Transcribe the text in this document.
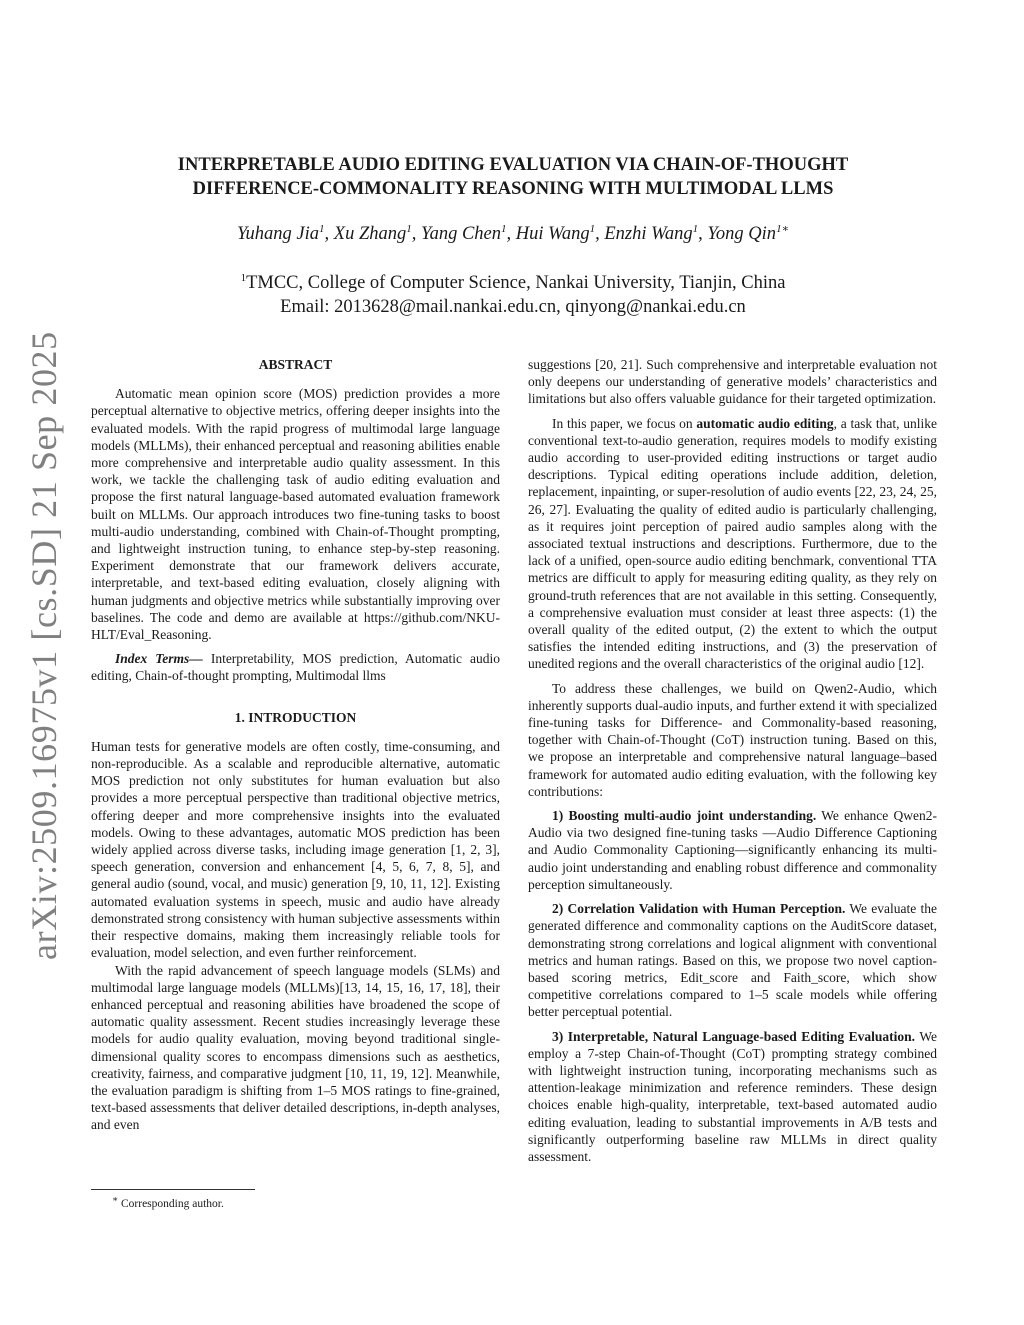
arXiv:2509.16975v1 [cs.SD] 21 Sep 2025
INTERPRETABLE AUDIO EDITING EVALUATION VIA CHAIN-OF-THOUGHT
DIFFERENCE-COMMONALITY REASONING WITH MULTIMODAL LLMS
Yuhang Jia$^1$, Xu Zhang$^1$, Yang Chen$^1$, Hui Wang$^1$, Enzhi Wang$^1$, Yong Qin$^{1∗}$
$^1$TMCC, College of Computer Science, Nankai University, Tianjin, China
Email: 2013628@mail.nankai.edu.cn, qinyong@nankai.edu.cn
ABSTRACT

Automatic mean opinion score (MOS) prediction provides a more perceptual alternative to objective metrics, offering deeper insights into the evaluated models. With the rapid progress of multimodal large language models (MLLMs), their enhanced perceptual and reasoning abilities enable more comprehensive and interpretable audio quality assessment. In this work, we tackle the challenging task of audio editing evaluation and propose the first natural language-based automated evaluation framework built on MLLMs. Our approach introduces two fine-tuning tasks to boost multi-audio understanding, combined with Chain-of-Thought prompting, and lightweight instruction tuning, to enhance step-by-step reasoning. Experiment demonstrate that our framework delivers accurate, interpretable, and text-based editing evaluation, closely aligning with human judgments and objective metrics while substantially improving over baselines. The code and demo are available at https://github.com/NKU-HLT/Eval_Reasoning.

Index Terms— Interpretability, MOS prediction, Automatic audio editing, Chain-of-thought prompting, Multimodal llms

1. INTRODUCTION

Human tests for generative models are often costly, time-consuming, and non-reproducible. As a scalable and reproducible alternative, automatic MOS prediction not only substitutes for human evaluation but also provides a more perceptual perspective than traditional objective metrics, offering deeper and more comprehensive insights into the evaluated models. Owing to these advantages, automatic MOS prediction has been widely applied across diverse tasks, including image generation [1, 2, 3], speech generation, conversion and enhancement [4, 5, 6, 7, 8, 5], and general audio (sound, vocal, and music) generation [9, 10, 11, 12]. Existing automated evaluation systems in speech, music and audio have already demonstrated strong consistency with human subjective assessments within their respective domains, making them increasingly reliable tools for evaluation, model selection, and even further reinforcement.

With the rapid advancement of speech language models (SLMs) and multimodal large language models (MLLMs)[13, 14, 15, 16, 17, 18], their enhanced perceptual and reasoning abilities have broadened the scope of automatic quality assessment. Recent studies increasingly leverage these models for audio quality evaluation, moving beyond traditional single-dimensional quality scores to encompass dimensions such as aesthetics, creativity, fairness, and comparative judgment [10, 11, 19, 12]. Meanwhile, the evaluation paradigm is shifting from 1–5 MOS ratings to fine-grained, text-based assessments that deliver detailed descriptions, in-depth analyses, and even

∗ Corresponding author.

suggestions [20, 21]. Such comprehensive and interpretable evaluation not only deepens our understanding of generative models’ characteristics and limitations but also offers valuable guidance for their targeted optimization.

In this paper, we focus on automatic audio editing, a task that, unlike conventional text-to-audio generation, requires models to modify existing audio according to user-provided editing instructions or target audio descriptions. Typical editing operations include addition, deletion, replacement, inpainting, or super-resolution of audio events [22, 23, 24, 25, 26, 27]. Evaluating the quality of edited audio is particularly challenging, as it requires joint perception of paired audio samples along with the associated textual instructions and descriptions. Furthermore, due to the lack of a unified, open-source audio editing benchmark, conventional TTA metrics are difficult to apply for measuring editing quality, as they rely on ground-truth references that are not available in this setting. Consequently, a comprehensive evaluation must consider at least three aspects: (1) the overall quality of the edited output, (2) the extent to which the output satisfies the intended editing instructions, and (3) the preservation of unedited regions and the overall characteristics of the original audio [12].

To address these challenges, we build on Qwen2-Audio, which inherently supports dual-audio inputs, and further extend it with specialized fine-tuning tasks for Difference- and Commonality-based reasoning, together with Chain-of-Thought (CoT) instruction tuning. Based on this, we propose an interpretable and comprehensive natural language–based framework for automated audio editing evaluation, with the following key contributions:

1) Boosting multi-audio joint understanding. We enhance Qwen2-Audio via two designed fine-tuning tasks —Audio Difference Captioning and Audio Commonality Captioning—significantly enhancing its multi-audio joint understanding and enabling robust difference and commonality perception simultaneously.

2) Correlation Validation with Human Perception. We evaluate the generated difference and commonality captions on the AuditScore dataset, demonstrating strong correlations and logical alignment with conventional metrics and human ratings. Based on this, we propose two novel caption-based scoring metrics, Edit_score and Faith_score, which show competitive correlations compared to 1–5 scale models while offering better perceptual potential.

3) Interpretable, Natural Language-based Editing Evaluation. We employ a 7-step Chain-of-Thought (CoT) prompting strategy combined with lightweight instruction tuning, incorporating mechanisms such as attention-leakage minimization and reference reminders. These design choices enable high-quality, interpretable, text-based automated audio editing evaluation, leading to substantial improvements in A/B tests and significantly outperforming baseline raw MLLMs in direct quality assessment.
